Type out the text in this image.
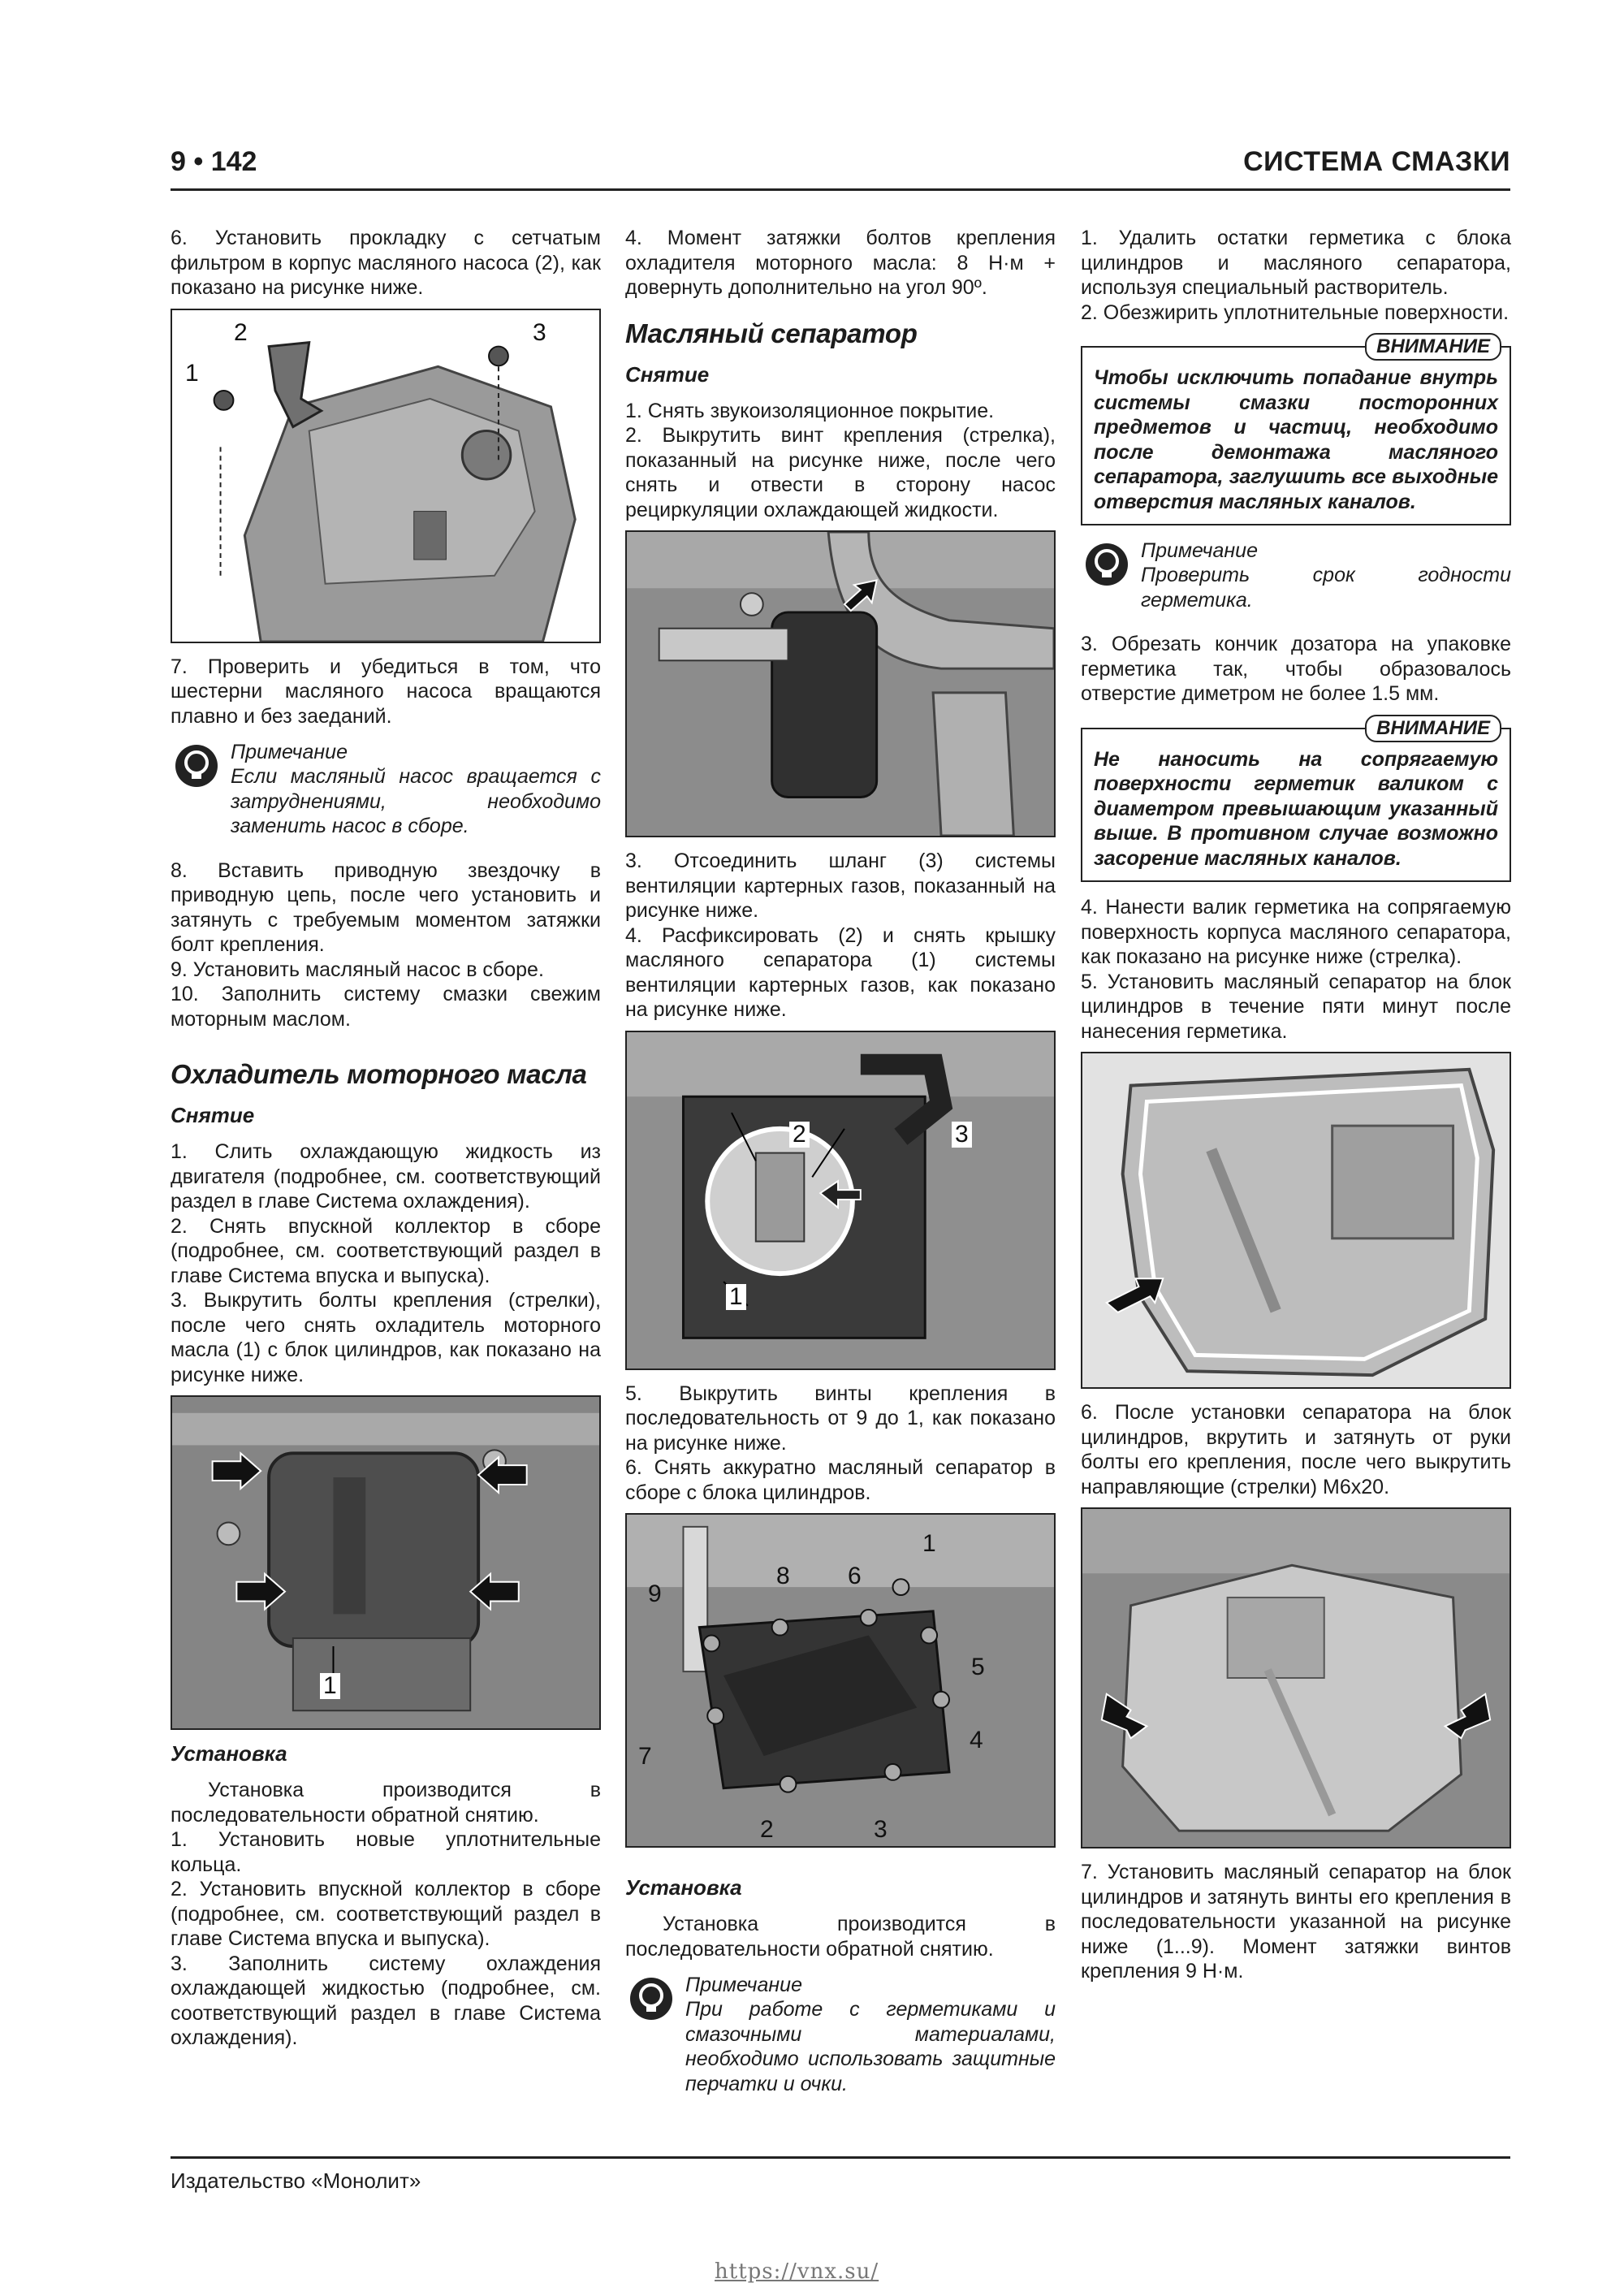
9 • 142	СИСТЕМА СМАЗКИ

6. Установить прокладку с сетчатым фильтром в корпус масляного насоса (2), как показано на рисунке ниже.

2
1
3

7. Проверить и убедиться в том, что шестерни масляного насоса вращаются плавно и без заеданий.

Примечание
Если масляный насос вращается с затруднениями, необходимо заменить насос в сборе.

8. Вставить приводную звездочку в приводную цепь, после чего установить и затянуть с требуемым моментом затяжки болт крепления.

9. Установить масляный насос в сборе.

10. Заполнить систему смазки свежим моторным маслом.

Охладитель моторного масла
Снятие

1. Слить охлаждающую жидкость из двигателя (подробнее, см. соответствующий раздел в главе Система охлаждения).

2. Снять впускной коллектор в сборе (подробнее, см. соответствующий раздел в главе Система впуска и выпуска).

3. Выкрутить болты крепления (стрелки), после чего снять охладитель моторного масла (1) с блок цилиндров, как показано на рисунке ниже.

1
Установка

Установка производится в последовательности обратной снятию.

1. Установить новые уплотнительные кольца.

2. Установить впускной коллектор в сборе (подробнее, см. соответствующий раздел в главе Система впуска и выпуска).

3. Заполнить систему охлаждения охлаждающей жидкостью (подробнее, см. соответствующий раздел в главе Система охлаждения).

4. Момент затяжки болтов крепления охладителя моторного масла: 8 Н·м + довернуть дополнительно на угол 90º.

Масляный сепаратор
Снятие

1. Снять звукоизоляционное покрытие.

2. Выкрутить винт крепления (стрелка), показанный на рисунке ниже, после чего снять и отвести в сторону насос рециркуляции охлаждающей жидкости.

3. Отсоединить шланг (3) системы вентиляции картерных газов, показанный на рисунке ниже.

4. Расфиксировать (2) и снять крышку масляного сепаратора (1) системы вентиляции картерных газов, как показано на рисунке ниже.

2	3
1

5. Выкрутить винты крепления в последовательность от 9 до 1, как показано на рисунке ниже.

6. Снять аккуратно масляный сепаратор в сборе с блока цилиндров.

1
2	3
4
5
6
7
8
9
Установка

Установка производится в последовательности обратной снятию.

Примечание
При работе с герметиками и смазочными материалами, необходимо использовать защитные перчатки и очки.

1. Удалить остатки герметика с блока цилиндров и масляного сепаратора, используя специальный растворитель.

2. Обезжирить уплотнительные поверхности.

ВНИМАНИЕ
Чтобы исключить попадание внутрь системы смазки посторонних предметов и частиц, необходимо после демонтажа масляного сепаратора, заглушить все выходные отверстия масляных каналов.
Примечание
Проверить срок годности герметика.

3. Обрезать кончик дозатора на упаковке герметика так, чтобы образовалось отверстие диметром не более 1.5 мм.

ВНИМАНИЕ
Не наносить на сопрягаемую поверхности герметик валиком с диаметром превышающим указанный выше. В противном случае возможно засорение масляных каналов.

4. Нанести валик герметика на сопрягаемую поверхность корпуса масляного сепаратора, как показано на рисунке ниже (стрелка).

5. Установить масляный сепаратор на блок цилиндров в течение пяти минут после нанесения герметика.

6. После установки сепаратора на блок цилиндров, вкрутить и затянуть от руки болты его крепления, после чего выкрутить направляющие (стрелки) М6х20.

7. Установить масляный сепаратор на блок цилиндров и затянуть винты его крепления в последовательности указанной на рисунке ниже (1...9). Момент затяжки винтов крепления 9 Н·м.

Издательство «Монолит»
https://vnx.su/
